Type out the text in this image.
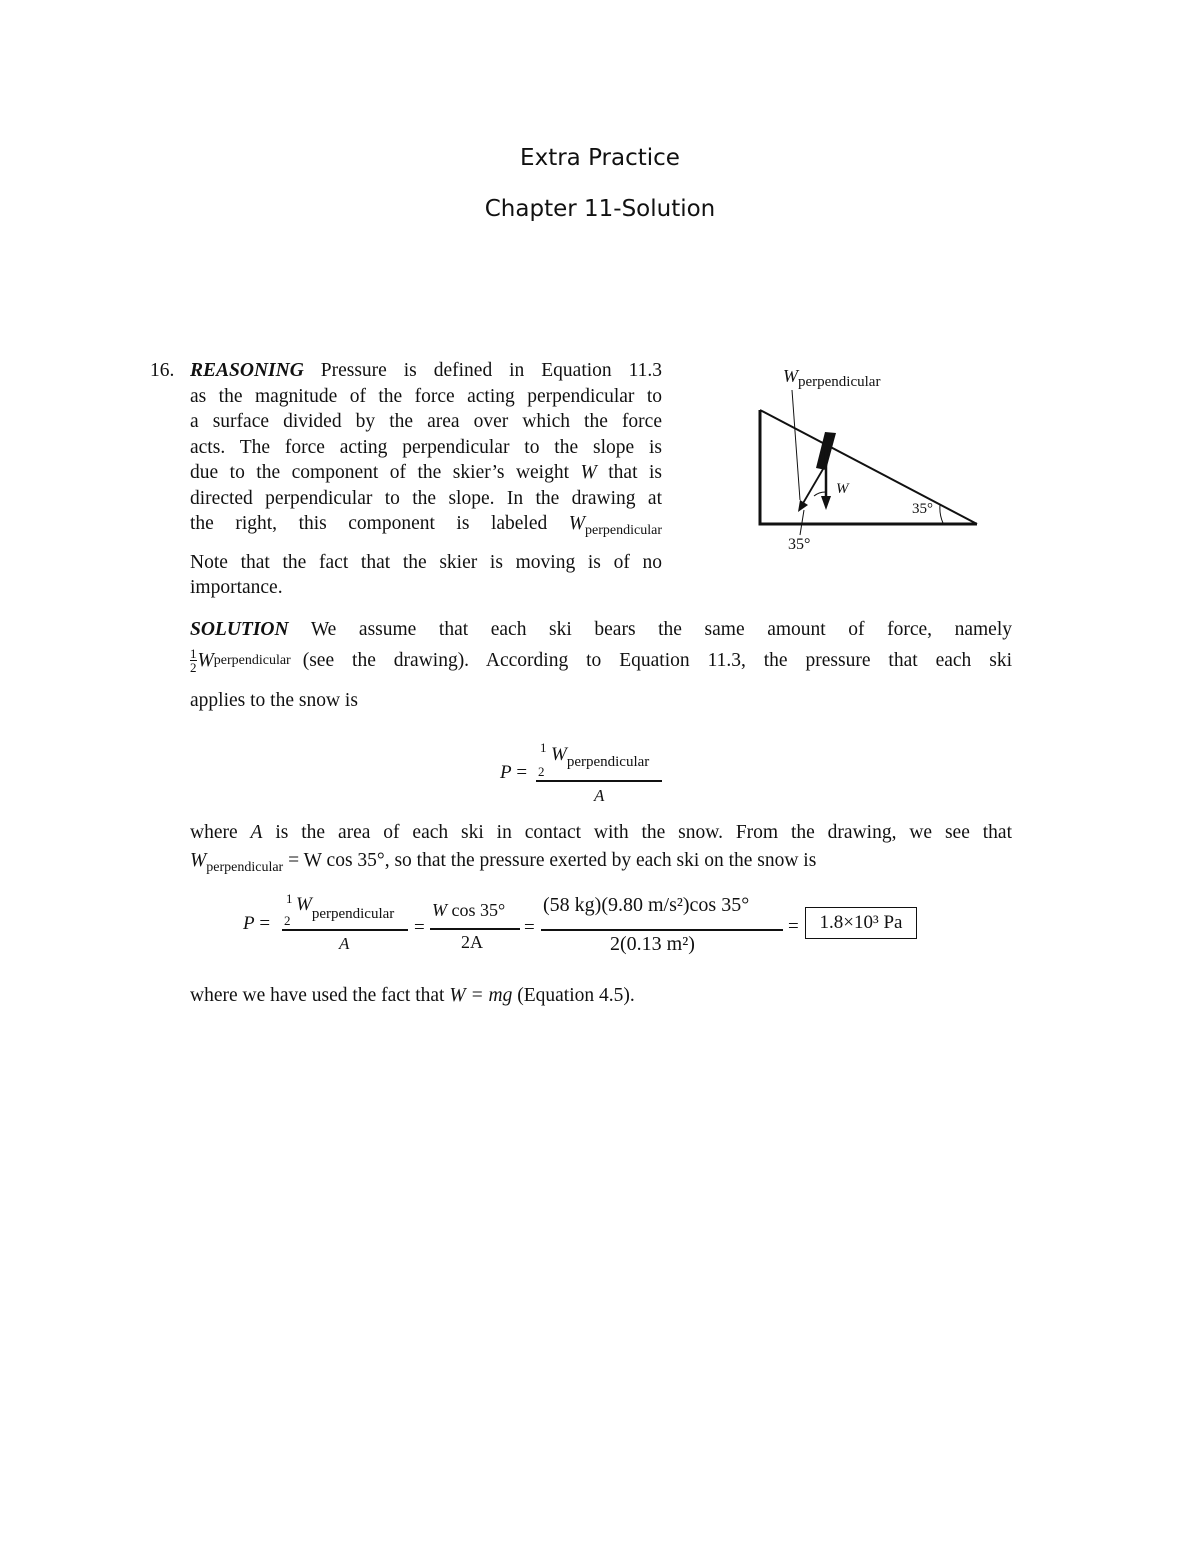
Extra Practice
Chapter 11-Solution
16. REASONING Pressure is defined in Equation 11.3
as the magnitude of the force acting perpendicular to
a surface divided by the area over which the force
acts. The force acting perpendicular to the slope is
due to the component of the skier’s weight W that is
directed perpendicular to the slope. In the drawing at
the right, this component is labeled $W_{perpendicular}$
Note that the fact that the skier is moving is of no
importance.
$W_{perpendicular}$
W
35°
35°
SOLUTION We assume that each ski bears the same amount of force, namely
$\frac{1}{2}$ W perpendicular (see the drawing). According to Equation 11.3, the pressure that each ski
applies to the snow is
P =
1
2
$W_{perpendicular}$
A
where A is the area of each ski in contact with the snow. From the drawing, we see that
$W_{perpendicular} = W$ cos 35°, so that the pressure exerted by each ski on the snow is
P =
1
2
$W_{perpendicular}$
A
=
W cos 35°
2A
=
(58 kg)(9.80 m/s²)cos 35°
2(0.13 m²)
=	1.8×10³ Pa
where we have used the fact that W = mg (Equation 4.5).
